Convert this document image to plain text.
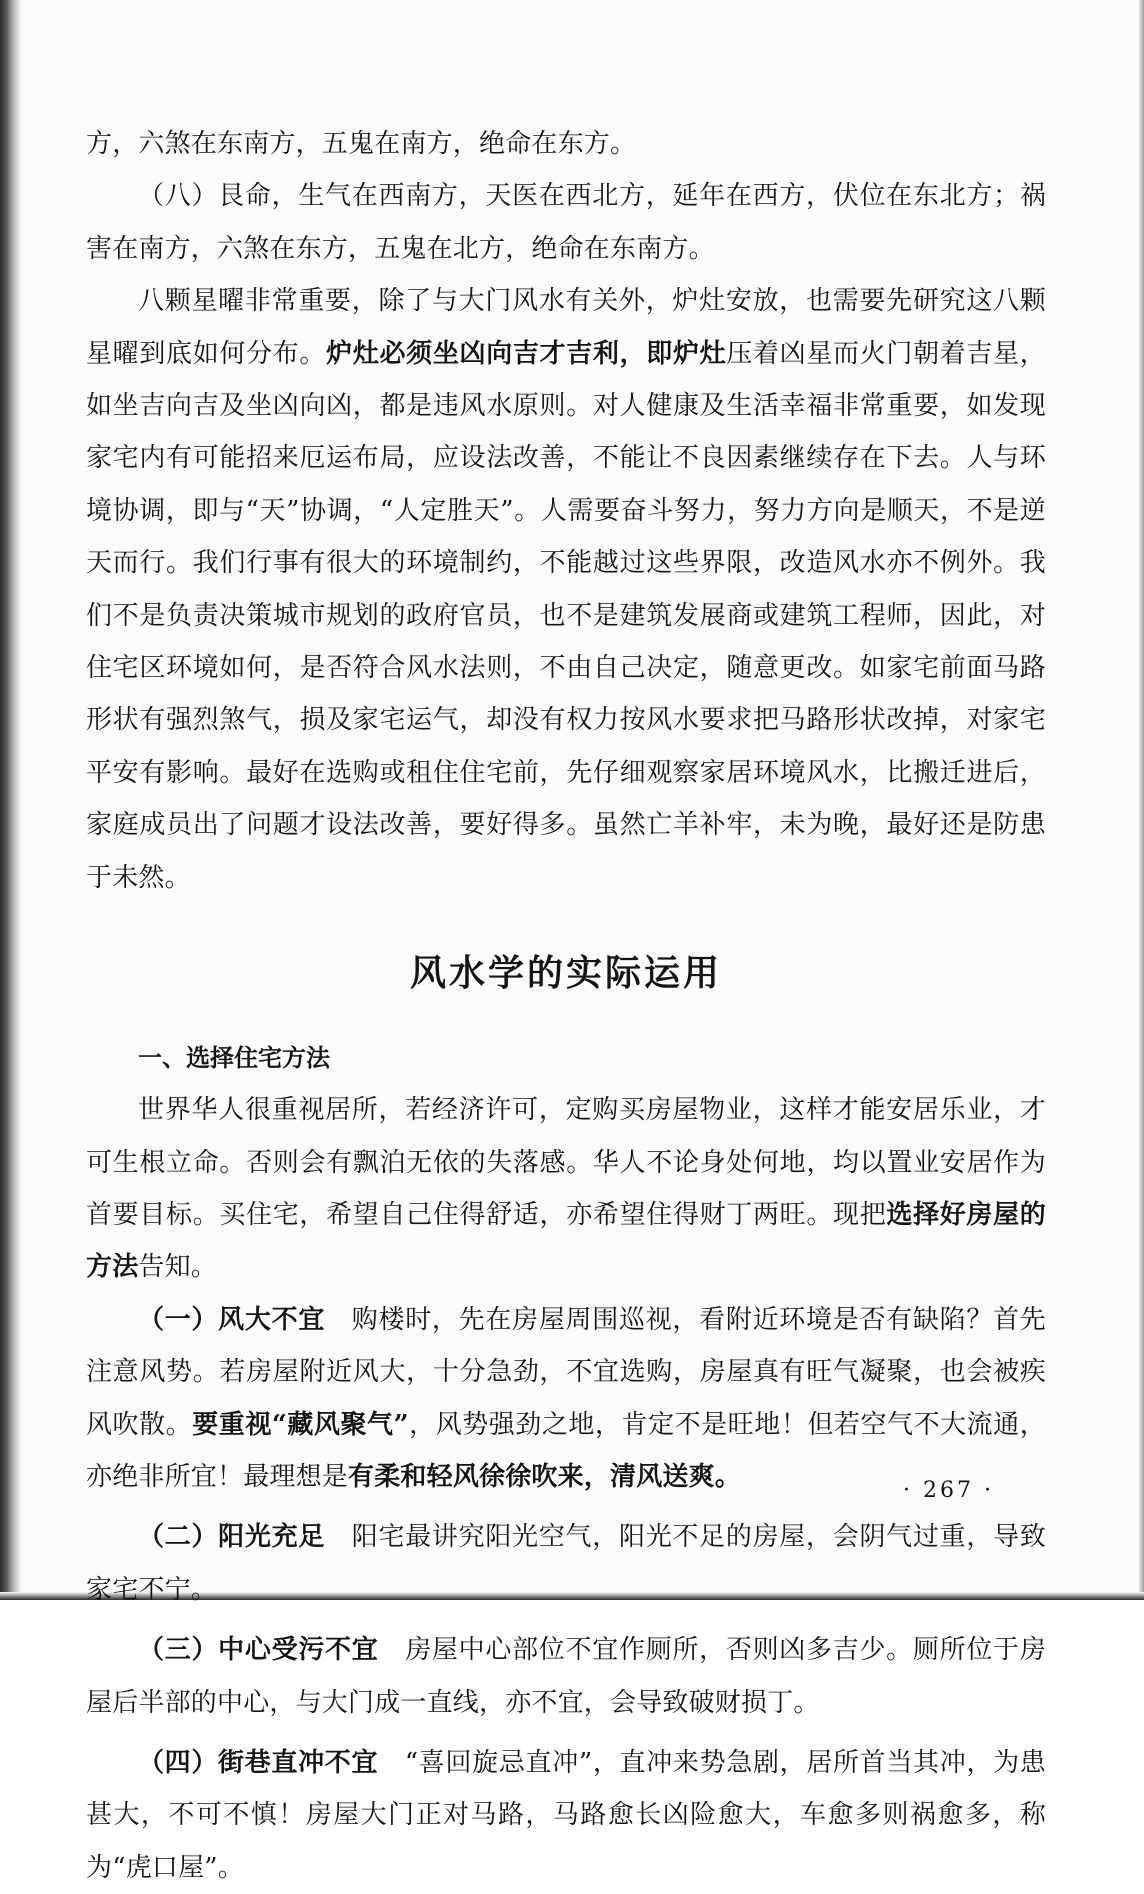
方，六煞在东南方，五鬼在南方，绝命在东方。

（八）艮命，生气在西南方，天医在西北方，延年在西方，伏位在东北方；祸害在南方，六煞在东方，五鬼在北方，绝命在东南方。

八颗星曜非常重要，除了与大门风水有关外，炉灶安放，也需要先研究这八颗星曜到底如何分布。炉灶必须坐凶向吉才吉利，即炉灶压着凶星而火门朝着吉星，如坐吉向吉及坐凶向凶，都是违风水原则。对人健康及生活幸福非常重要，如发现家宅内有可能招来厄运布局，应设法改善，不能让不良因素继续存在下去。人与环境协调，即与“天”协调，“人定胜天”。人需要奋斗努力，努力方向是顺天，不是逆天而行。我们行事有很大的环境制约，不能越过这些界限，改造风水亦不例外。我们不是负责决策城市规划的政府官员，也不是建筑发展商或建筑工程师，因此，对住宅区环境如何，是否符合风水法则，不由自己决定，随意更改。如家宅前面马路形状有强烈煞气，损及家宅运气，却没有权力按风水要求把马路形状改掉，对家宅平安有影响。最好在选购或租住住宅前，先仔细观察家居环境风水，比搬迁进后，家庭成员出了问题才设法改善，要好得多。虽然亡羊补牢，未为晚，最好还是防患于未然。

风水学的实际运用
一、选择住宅方法

世界华人很重视居所，若经济许可，定购买房屋物业，这样才能安居乐业，才可生根立命。否则会有飘泊无依的失落感。华人不论身处何地，均以置业安居作为首要目标。买住宅，希望自己住得舒适，亦希望住得财丁两旺。现把选择好房屋的方法告知。

（一）风大不宜　购楼时，先在房屋周围巡视，看附近环境是否有缺陷？首先注意风势。若房屋附近风大，十分急劲，不宜选购，房屋真有旺气凝聚，也会被疾风吹散。要重视“藏风聚气”，风势强劲之地，肯定不是旺地！但若空气不大流通，亦绝非所宜！最理想是有柔和轻风徐徐吹来，清风送爽。

（二）阳光充足　阳宅最讲究阳光空气，阳光不足的房屋，会阴气过重，导致家宅不宁。

（三）中心受污不宜　房屋中心部位不宜作厕所，否则凶多吉少。厕所位于房屋后半部的中心，与大门成一直线，亦不宜，会导致破财损丁。

（四）街巷直冲不宜　“喜回旋忌直冲”，直冲来势急剧，居所首当其冲，为患甚大，不可不慎！房屋大门正对马路，马路愈长凶险愈大，车愈多则祸愈多，称为“虎口屋”。

· 267 ·
